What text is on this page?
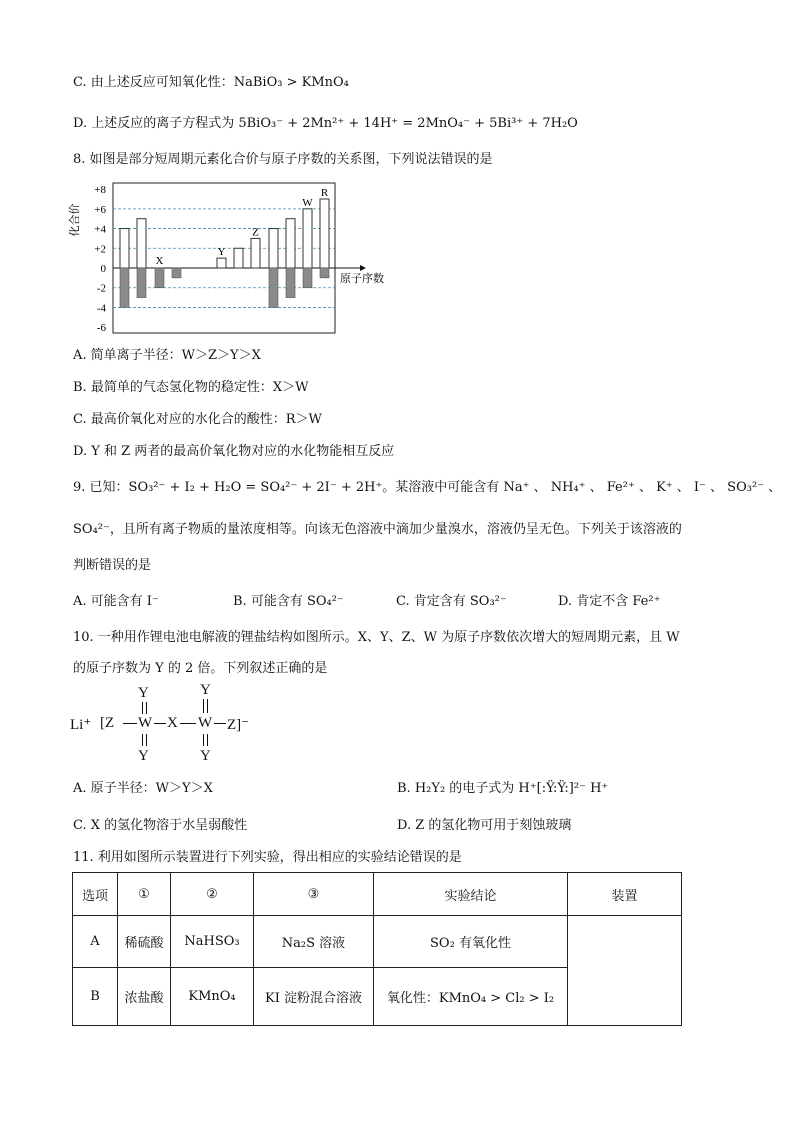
C. 由上述反应可知氧化性：NaBiO₃ > KMnO₄
D. 上述反应的离子方程式为 5BiO₃⁻ + 2Mn²⁺ + 14H⁺ = 2MnO₄⁻ + 5Bi³⁺ + 7H₂O
8. 如图是部分短周期元素化合价与原子序数的关系图，下列说法错误的是
+8
+6
+4
+2
0
-2
-4
-6
化合价
原子序数
X
Y
Z
W
R
A. 简单离子半径：W＞Z＞Y＞X
B. 最简单的气态氢化物的稳定性：X＞W
C. 最高价氧化对应的水化合的酸性：R＞W
D. Y 和 Z 两者的最高价氧化物对应的水化物能相互反应
9. 已知：SO₃²⁻ + I₂ + H₂O = SO₄²⁻ + 2I⁻ + 2H⁺。某溶液中可能含有 Na⁺ 、 NH₄⁺ 、 Fe²⁺ 、 K⁺ 、 I⁻ 、 SO₃²⁻ 、
SO₄²⁻，且所有离子物质的量浓度相等。向该无色溶液中滴加少量溴水，溶液仍呈无色。下列关于该溶液的
判断错误的是
A. 可能含有 I⁻	B. 可能含有 SO₄²⁻	C. 肯定含有 SO₃²⁻	D. 肯定不含 Fe²⁺
10. 一种用作锂电池电解液的锂盐结构如图所示。X、Y、Z、W 为原子序数依次增大的短周期元素，且 W
的原子序数为 Y 的 2 倍。下列叙述正确的是
Li⁺ [Z W
Y
Y
X W
Y
Y
Z]⁻
A. 原子半径：W＞Y＞X	B. H₂Y₂ 的电子式为 H⁺[:Ÿ:Ÿ:]²⁻ H⁺
C. X 的氢化物溶于水呈弱酸性	D. Z 的氢化物可用于刻蚀玻璃
11. 利用如图所示装置进行下列实验，得出相应的实验结论错误的是
选项	①	②	③	实验结论	装置
A	稀硫酸	NaHSO₃	Na₂S 溶液	SO₂ 有氧化性	
B	浓盐酸	KMnO₄	KI 淀粉混合溶液	氧化性：KMnO₄ > Cl₂ > I₂	
